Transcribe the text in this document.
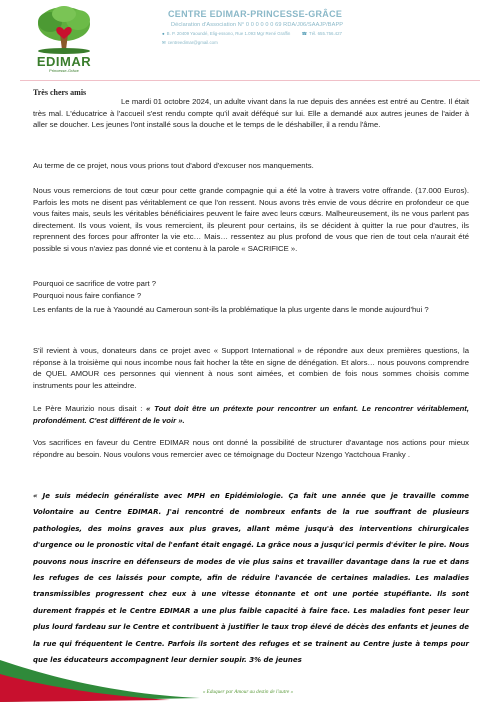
EDIMAR
Princesse-Grâce
CENTRE EDIMAR-PRINCESSE-GRÂCE
Déclaration d'Association N° 0 0 0 0 0 0 69 RDA/J06/SAAJP/BAPP
● B. P. 20409 Yaoundé, Elig-essono, Rue 1.093 Mgr René Graffin	☎ Tél. 655.756.427
✉ centreedimar@gmail.com
Très chers amis
Le mardi 01 octobre 2024, un adulte vivant dans la rue depuis des années est entré au Centre. Il était très mal. L'éducatrice à l'accueil s'est rendu compte qu'il avait déféqué sur lui. Elle a demandé aux autres jeunes de l'aider à aller se doucher. Les jeunes l'ont installé sous la douche et le temps de le déshabiller, il a rendu l'âme.
Au terme de ce projet, nous vous prions tout d'abord d'excuser nos manquements.
Nous vous remercions de tout cœur pour cette grande compagnie qui a été la votre à travers votre offrande. (17.000 Euros). Parfois les mots ne disent pas véritablement ce que l'on ressent. Nous avons très envie de vous décrire en profondeur ce que vous faites mais, seuls les véritables bénéficiaires peuvent le faire avec leurs cœurs. Malheureusement, ils ne vous parlent pas directement. Ils vous voient, ils vous remercient, ils pleurent pour certains, ils se décident à quitter la rue pour d'autres, ils reprennent des forces pour affronter la vie etc… Mais… ressentez au plus profond de vous que rien de tout cela n'aurait été possible si vous n'aviez pas donné vie et contenu à la parole « SACRIFICE ».
Pourquoi ce sacrifice de votre part ?
Pourquoi nous faire confiance ?
Les enfants de la rue à Yaoundé au Cameroun sont-ils la problématique la plus urgente dans le monde aujourd'hui ?
S'il revient à vous, donateurs dans ce projet avec « Support International » de répondre aux deux premières questions, la réponse à la troisième qui nous incombe nous fait hocher la tête en signe de dénégation. Et alors… nous pouvons comprendre de QUEL AMOUR ces personnes qui viennent à nous sont aimées, et combien de fois nous sommes choisis comme instruments pour les atteindre.
Le Père Maurizio nous disait : « Tout doit être un prétexte pour rencontrer un enfant. Le rencontrer véritablement, profondément. C'est différent de le voir ».
Vos sacrifices en faveur du Centre EDIMAR nous ont donné la possibilité de structurer d'avantage nos actions pour mieux répondre au besoin. Nous voulons vous remercier avec ce témoignage du Docteur Nzengo Yactchoua Franky .
« Je suis médecin généraliste avec MPH en Epidémiologie. Ça fait une année que je travaille comme Volontaire au Centre EDIMAR. J'ai rencontré de nombreux enfants de la rue souffrant de plusieurs pathologies, des moins graves aux plus graves, allant même jusqu'à des interventions chirurgicales d'urgence ou le pronostic vital de l'enfant était engagé. La grâce nous a jusqu'ici permis d'éviter le pire. Nous pouvons nous inscrire en défenseurs de modes de vie plus sains et travailler davantage dans la rue et dans les refuges de ces laissés pour compte, afin de réduire l'avancée de certaines maladies. Les maladies transmissibles progressent chez eux à une vitesse étonnante et ont une portée stupéfiante. Ils sont durement frappés et le Centre EDIMAR a une plus faible capacité à faire face. Les maladies font peser leur plus lourd fardeau sur le Centre et contribuent à justifier le taux trop élevé de décès des enfants et jeunes de la rue qui fréquentent le Centre. Parfois ils sortent des refuges et se trainent au Centre juste à temps pour que les éducateurs accompagnent leur dernier soupir. 3% de jeunes
« Eduquer par Amour au destin de l'autre »
